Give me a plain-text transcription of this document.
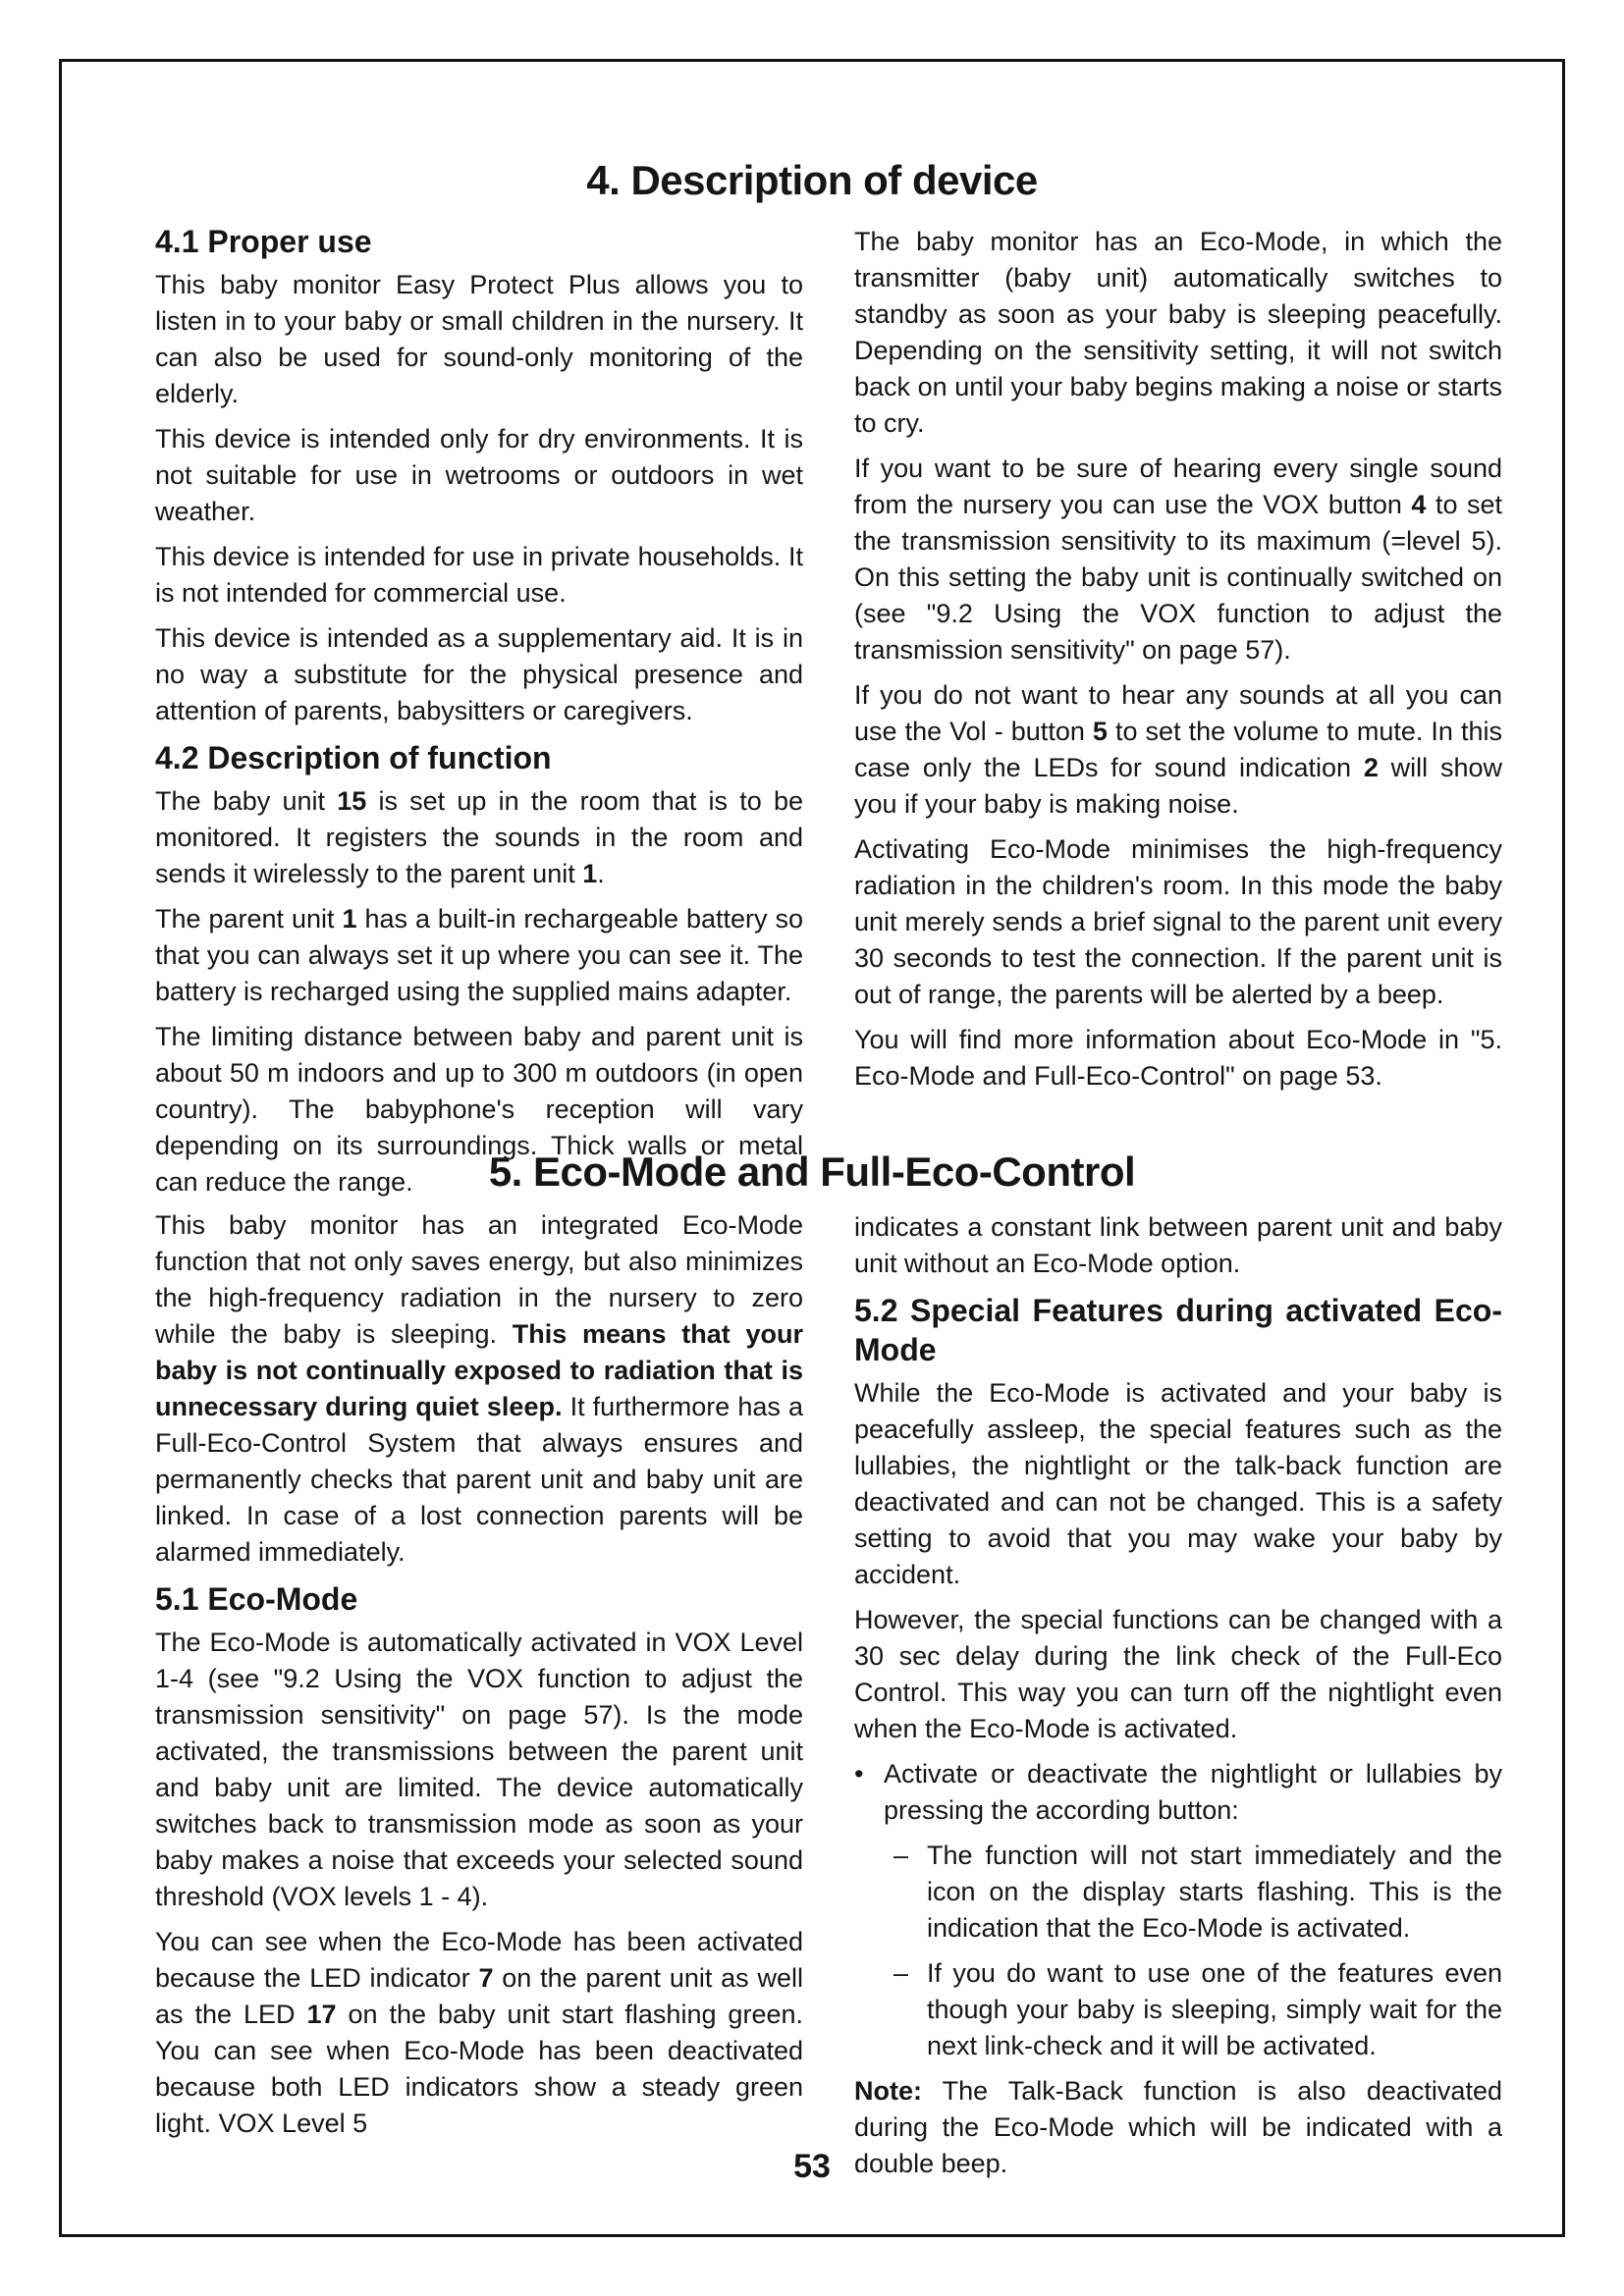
4. Description of device
4.1 Proper use

This baby monitor Easy Protect Plus allows you to listen in to your baby or small children in the nursery. It can also be used for sound-only monitoring of the elderly.

This device is intended only for dry environments. It is not suitable for use in wetrooms or outdoors in wet weather.

This device is intended for use in private households. It is not intended for commercial use.

This device is intended as a supplementary aid. It is in no way a substitute for the physical presence and attention of parents, babysitters or caregivers.

4.2 Description of function

The baby unit 15 is set up in the room that is to be monitored. It registers the sounds in the room and sends it wirelessly to the parent unit 1.

The parent unit 1 has a built-in rechargeable battery so that you can always set it up where you can see it. The battery is recharged using the supplied mains adapter.

The limiting distance between baby and parent unit is about 50 m indoors and up to 300 m outdoors (in open country). The babyphone's reception will vary depending on its surroundings. Thick walls or metal can reduce the range.

The baby monitor has an Eco-Mode, in which the transmitter (baby unit) automatically switches to standby as soon as your baby is sleeping peacefully. Depending on the sensitivity setting, it will not switch back on until your baby begins making a noise or starts to cry.

If you want to be sure of hearing every single sound from the nursery you can use the VOX button 4 to set the transmission sensitivity to its maximum (=level 5). On this setting the baby unit is continually switched on (see "9.2 Using the VOX function to adjust the transmission sensitivity" on page 57).

If you do not want to hear any sounds at all you can use the Vol - button 5 to set the volume to mute. In this case only the LEDs for sound indication 2 will show you if your baby is making noise.

Activating Eco-Mode minimises the high-frequency radiation in the children's room. In this mode the baby unit merely sends a brief signal to the parent unit every 30 seconds to test the connection. If the parent unit is out of range, the parents will be alerted by a beep.

You will find more information about Eco-Mode in "5. Eco-Mode and Full-Eco-Control" on page 53.

5. Eco-Mode and Full-Eco-Control

This baby monitor has an integrated Eco-Mode function that not only saves energy, but also minimizes the high-frequency radiation in the nursery to zero while the baby is sleeping. This means that your baby is not continually exposed to radiation that is unnecessary during quiet sleep. It furthermore has a Full-Eco-Control System that always ensures and permanently checks that parent unit and baby unit are linked. In case of a lost connection parents will be alarmed immediately.

5.1 Eco-Mode

The Eco-Mode is automatically activated in VOX Level 1-4 (see "9.2 Using the VOX function to adjust the transmission sensitivity" on page 57). Is the mode activated, the transmissions between the parent unit and baby unit are limited. The device automatically switches back to transmission mode as soon as your baby makes a noise that exceeds your selected sound threshold (VOX levels 1 - 4).

You can see when the Eco-Mode has been activated because the LED indicator 7 on the parent unit as well as the LED 17 on the baby unit start flashing green. You can see when Eco-Mode has been deactivated because both LED indicators show a steady green light. VOX Level 5

indicates a constant link between parent unit and baby unit without an Eco-Mode option.

5.2 Special Features during activated Eco-Mode

While the Eco-Mode is activated and your baby is peacefully assleep, the special features such as the lullabies, the nightlight or the talk-back function are deactivated and can not be changed. This is a safety setting to avoid that you may wake your baby by accident.

However, the special functions can be changed with a 30 sec delay during the link check of the Full-Eco Control. This way you can turn off the nightlight even when the Eco-Mode is activated.

• Activate or deactivate the nightlight or lullabies by pressing the according button:

– The function will not start immediately and the icon on the display starts flashing. This is the indication that the Eco-Mode is activated.

– If you do want to use one of the features even though your baby is sleeping, simply wait for the next link-check and it will be activated.

Note: The Talk-Back function is also deactivated during the Eco-Mode which will be indicated with a double beep.

53
